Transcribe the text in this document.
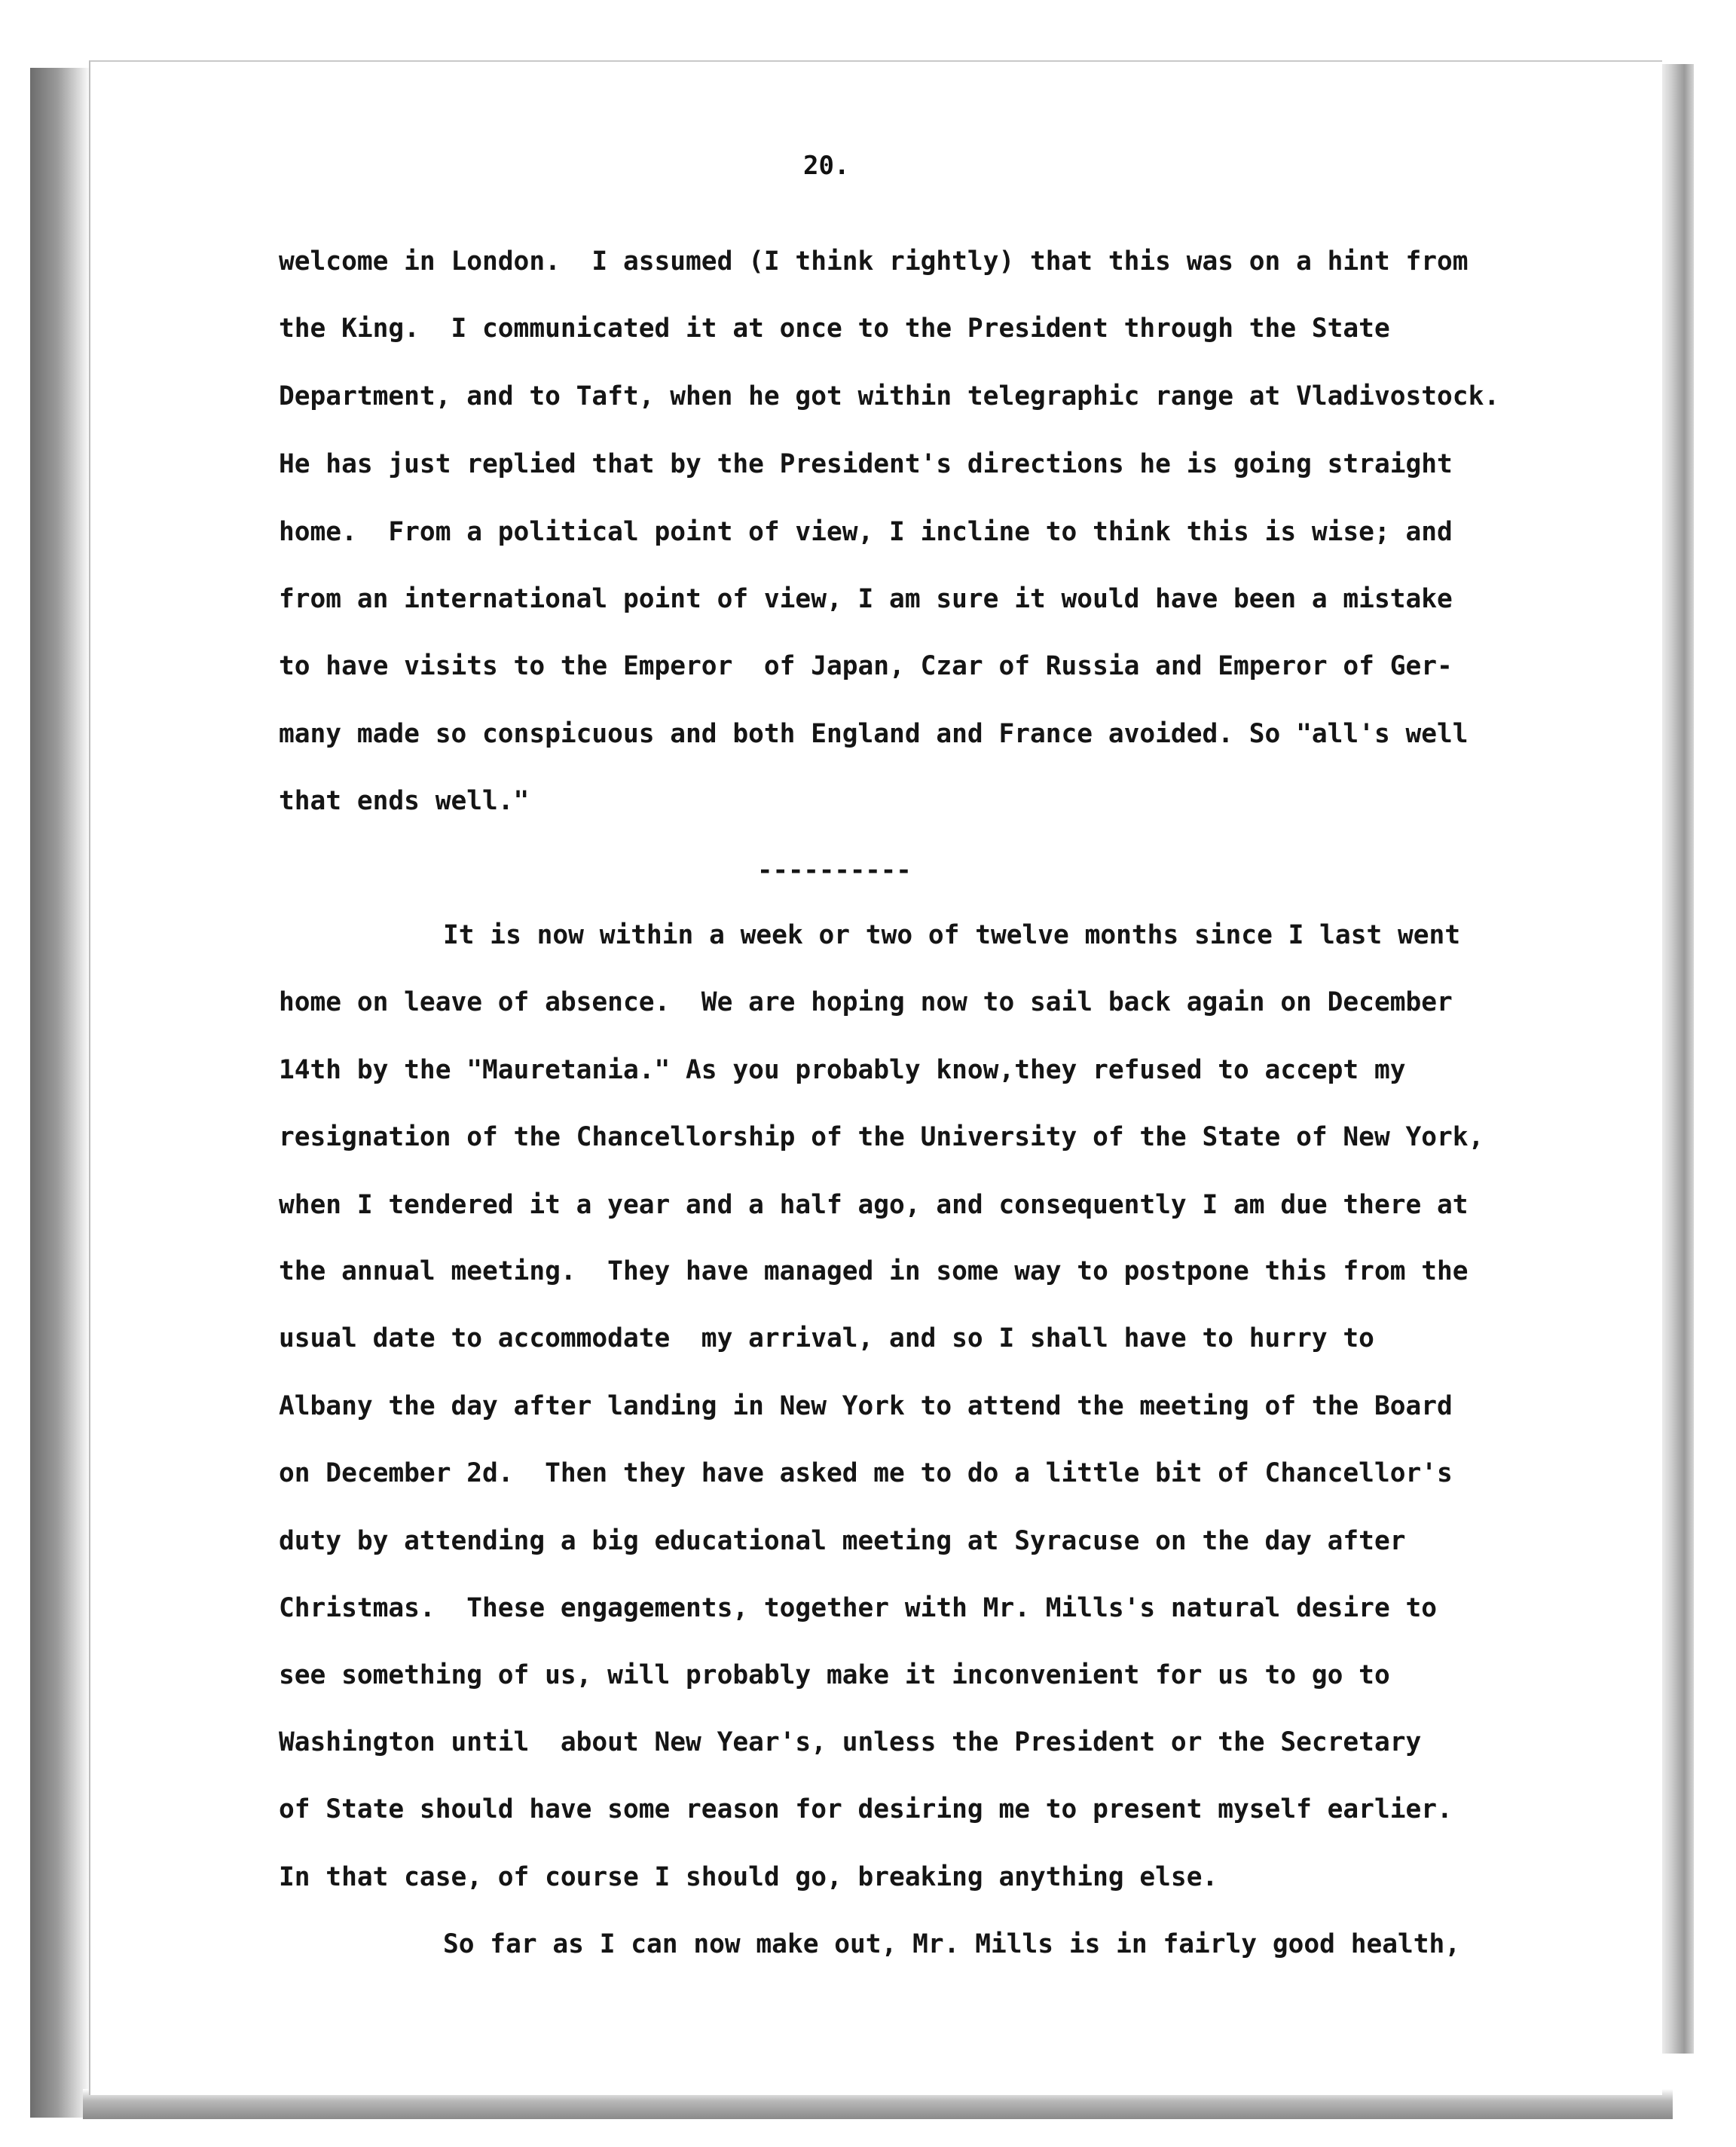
20.
welcome in London.  I assumed (I think rightly) that this was on a hint from
the King.  I communicated it at once to the President through the State
Department, and to Taft, when he got within telegraphic range at Vladivostock.
He has just replied that by the President's directions he is going straight
home.  From a political point of view, I incline to think this is wise; and
from an international point of view, I am sure it would have been a mistake
to have visits to the Emperor  of Japan, Czar of Russia and Emperor of Ger-
many made so conspicuous and both England and France avoided. So "all's well
that ends well."
----------
It is now within a week or two of twelve months since I last went
home on leave of absence.  We are hoping now to sail back again on December
14th by the "Mauretania." As you probably know,they refused to accept my
resignation of the Chancellorship of the University of the State of New York,
when I tendered it a year and a half ago, and consequently I am due there at
the annual meeting.  They have managed in some way to postpone this from the
usual date to accommodate  my arrival, and so I shall have to hurry to
Albany the day after landing in New York to attend the meeting of the Board
on December 2d.  Then they have asked me to do a little bit of Chancellor's
duty by attending a big educational meeting at Syracuse on the day after
Christmas.  These engagements, together with Mr. Mills's natural desire to
see something of us, will probably make it inconvenient for us to go to
Washington until  about New Year's, unless the President or the Secretary
of State should have some reason for desiring me to present myself earlier.
In that case, of course I should go, breaking anything else.
So far as I can now make out, Mr. Mills is in fairly good health,
